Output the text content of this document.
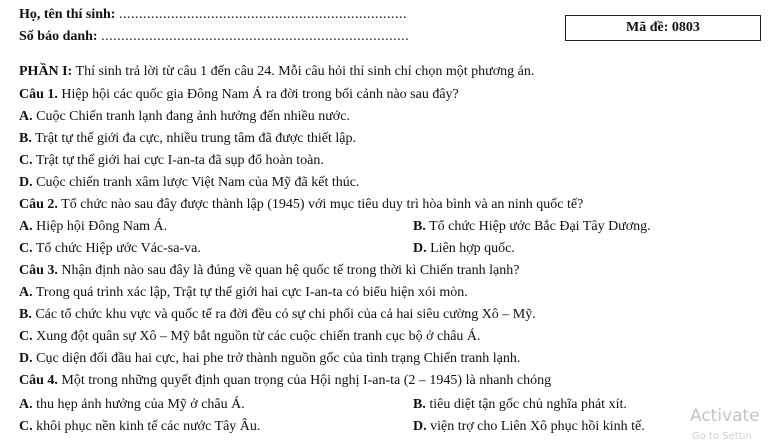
Họ, tên thí sinh: ........................................................................
Số báo danh: .............................................................................
Mã đề: 0803
PHẦN I: Thí sinh trả lời từ câu 1 đến câu 24. Mỗi câu hỏi thí sinh chỉ chọn một phương án.
Câu 1. Hiệp hội các quốc gia Đông Nam Á ra đời trong bối cảnh nào sau đây?
A. Cuộc Chiến tranh lạnh đang ảnh hưởng đến nhiều nước.
B. Trật tự thế giới đa cực, nhiều trung tâm đã được thiết lập.
C. Trật tự thế giới hai cực I-an-ta đã sụp đổ hoàn toàn.
D. Cuộc chiến tranh xâm lược Việt Nam của Mỹ đã kết thúc.
Câu 2. Tổ chức nào sau đây được thành lập (1945) với mục tiêu duy trì hòa bình và an ninh quốc tế?
A. Hiệp hội Đông Nam Á.	B. Tổ chức Hiệp ước Bắc Đại Tây Dương.
C. Tổ chức Hiệp ước Vác-sa-va.	D. Liên hợp quốc.
Câu 3. Nhận định nào sau đây là đúng về quan hệ quốc tế trong thời kì Chiến tranh lạnh?
A. Trong quá trình xác lập, Trật tự thế giới hai cực I-an-ta có biểu hiện xói mòn.
B. Các tổ chức khu vực và quốc tế ra đời đều có sự chi phối của cả hai siêu cường Xô – Mỹ.
C. Xung đột quân sự Xô – Mỹ bắt nguồn từ các cuộc chiến tranh cục bộ ở châu Á.
D. Cục diện đối đầu hai cực, hai phe trở thành nguồn gốc của tình trạng Chiến tranh lạnh.
Câu 4. Một trong những quyết định quan trọng của Hội nghị I-an-ta (2 – 1945) là nhanh chóng
A. thu hẹp ảnh hưởng của Mỹ ở châu Á.	B. tiêu diệt tận gốc chủ nghĩa phát xít.
C. khôi phục nền kinh tế các nước Tây Âu.	D. viện trợ cho Liên Xô phục hồi kinh tế.
Activate
Go to Settin
